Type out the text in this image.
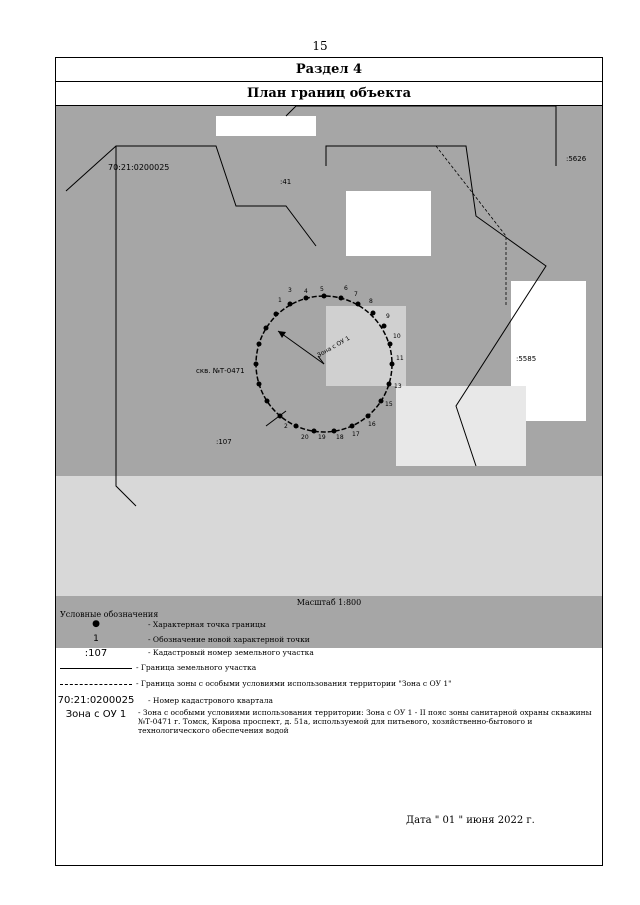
15
Раздел 4
План границ объекта
4 5	6
7
8
9
10
11
13
15
16
17
18
19
20
2
3
1
70:21:0200025
:5626
:41
:5585
:107
скв. №Т-0471
Зона с ОУ 1
Масштаб 1:800
Условные обозначения
●	- Характерная точка границы
1	- Обозначение новой характерной точки
:107	- Кадастровый номер земельного участка
- Граница земельного участка
- Граница зоны с особыми условиями использования территории "Зона с ОУ 1"
70:21:0200025 - Номер кадастрового квартала
Зона с ОУ 1	- Зона с особыми условиями использования территории: Зона с ОУ 1 - II пояс зоны санитарной охраны скважины №Т-0471 г. Томск, Кирова проспект, д. 51а, используемой для питьевого, хозяйственно-бытового и технологического обеспечения водой
Дата " 01 " июня 2022 г.
